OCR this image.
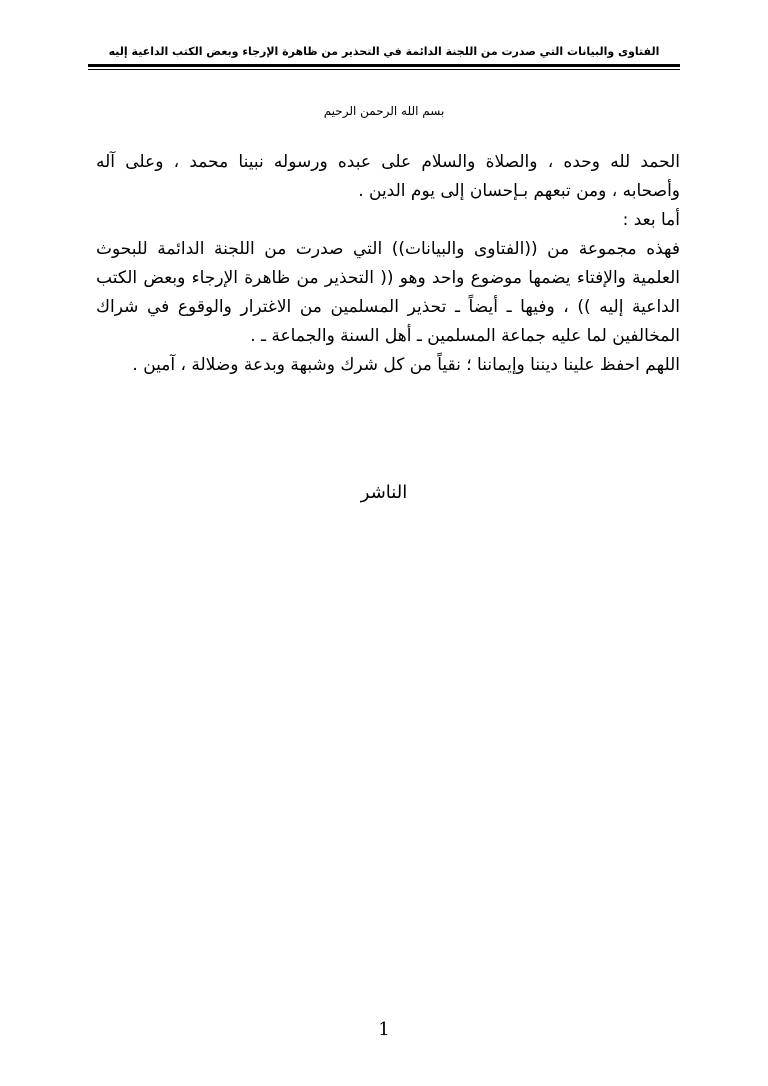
الفتاوى والبيانات التي صدرت من اللجنة الدائمة في التحذير من ظاهرة الإرجاء وبعض الكتب الداعية إليه
بسم الله الرحمن الرحيم

الحمد لله وحده ، والصلاة والسلام على عبده ورسوله نبينا محمد ، وعلى آله وأصحابه ، ومن تبعهم بـإحسان إلى يوم الدين .

أما بعد :

فهذه مجموعة من ((الفتاوى والبيانات)) التي صدرت من اللجنة الدائمة للبحوث العلمية والإفتاء يضمها موضوع واحد وهو (( التحذير من ظاهرة الإرجاء وبعض الكتب الداعية إليه )) ، وفيها ـ أيضاً ـ تحذير المسلمين من الاغترار والوقوع في شراك المخالفين لما عليه جماعة المسلمين ـ أهل السنة والجماعة ـ .

اللهم احفظ علينا ديننا وإيماننا ؛ نقياً من كل شرك وشبهة وبدعة وضلالة ، آمين .

الناشر
1
